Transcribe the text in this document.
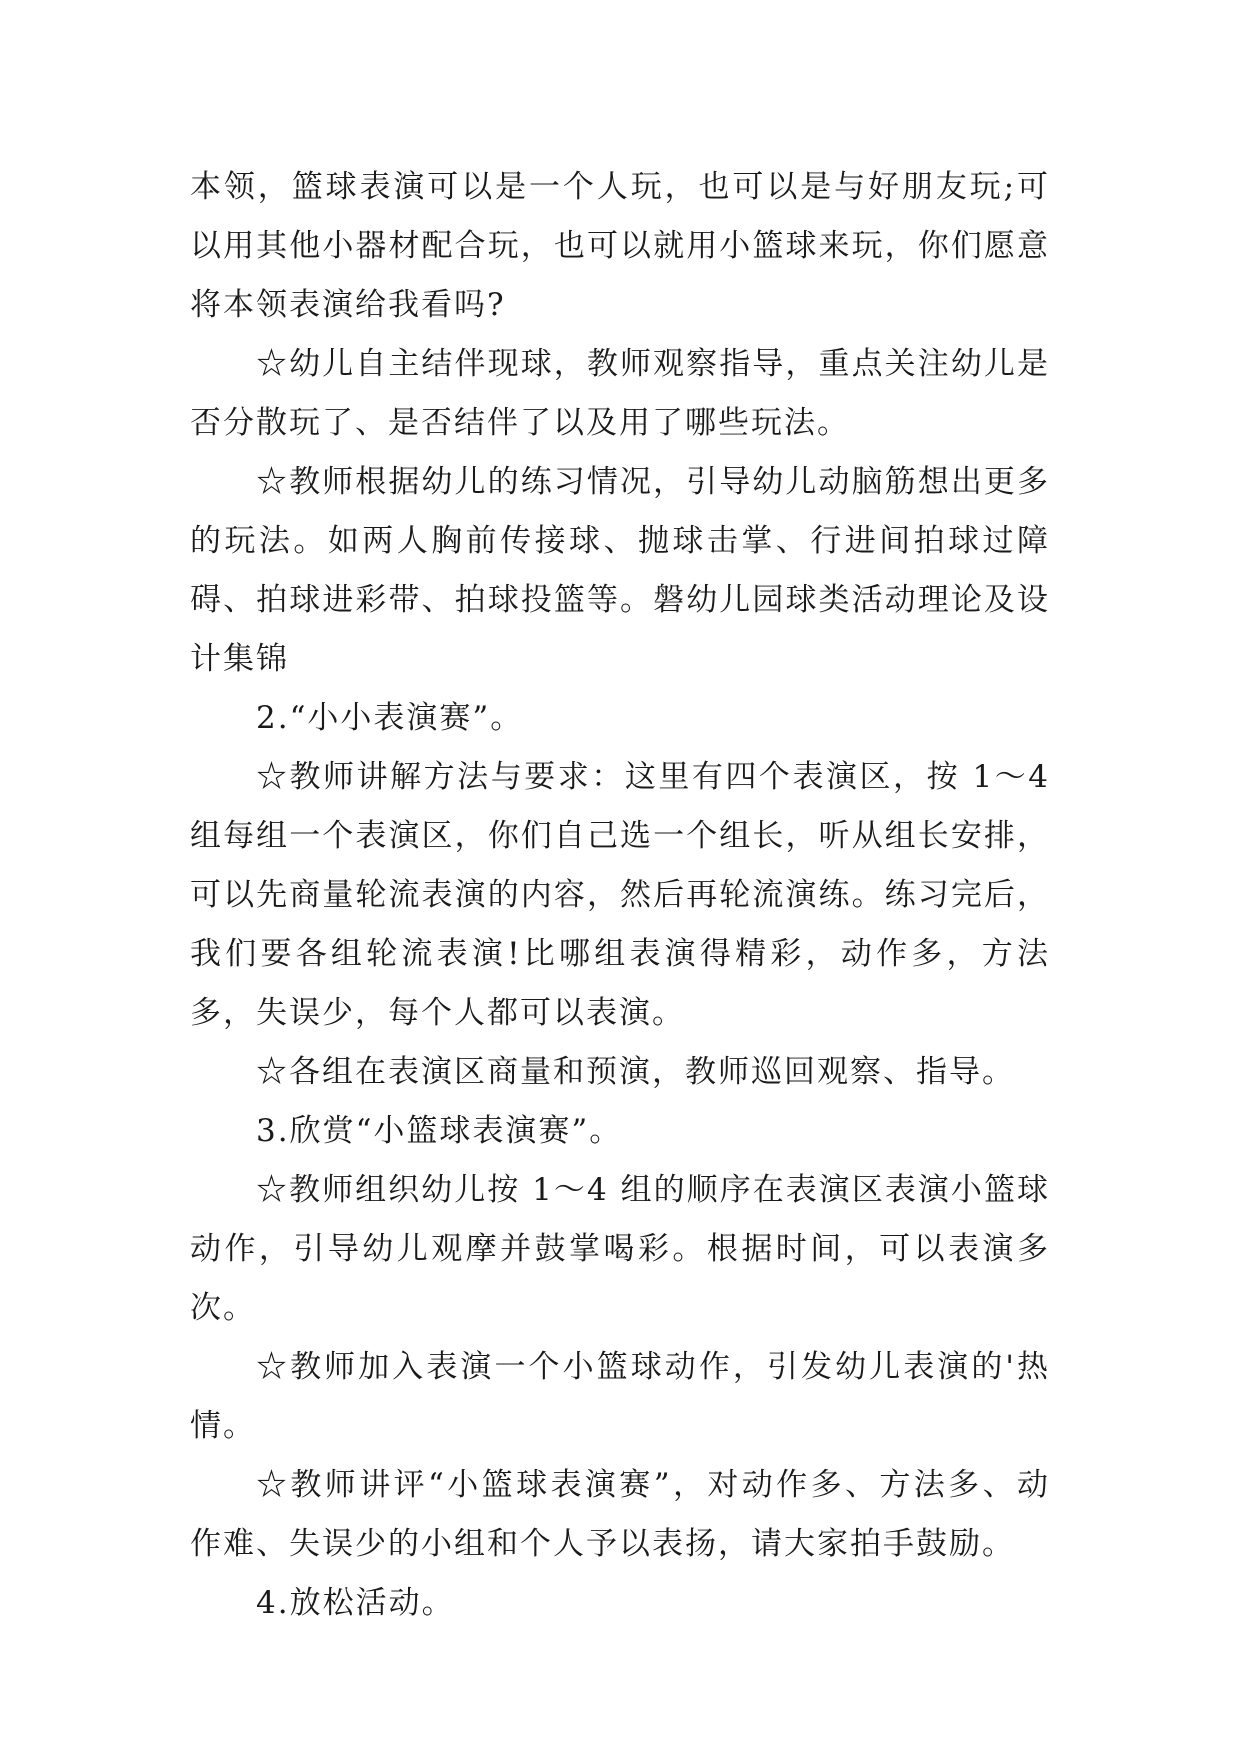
本领，篮球表演可以是一个人玩，也可以是与好朋友玩;可以用其他小器材配合玩，也可以就用小篮球来玩，你们愿意将本领表演给我看吗?

☆幼儿自主结伴现球，教师观察指导，重点关注幼儿是否分散玩了、是否结伴了以及用了哪些玩法。

☆教师根据幼儿的练习情况，引导幼儿动脑筋想出更多的玩法。如两人胸前传接球、抛球击掌、行进间拍球过障碍、拍球进彩带、拍球投篮等。磐幼儿园球类活动理论及设计集锦

2.“小小表演赛”。

☆教师讲解方法与要求：这里有四个表演区，按 1～4 组每组一个表演区，你们自己选一个组长，听从组长安排，可以先商量轮流表演的内容，然后再轮流演练。练习完后，我们要各组轮流表演!比哪组表演得精彩，动作多，方法多，失误少，每个人都可以表演。

☆各组在表演区商量和预演，教师巡回观察、指导。

3.欣赏“小篮球表演赛”。

☆教师组织幼儿按 1～4 组的顺序在表演区表演小篮球动作，引导幼儿观摩并鼓掌喝彩。根据时间，可以表演多次。

☆教师加入表演一个小篮球动作，引发幼儿表演的'热情。

☆教师讲评“小篮球表演赛”，对动作多、方法多、动作难、失误少的小组和个人予以表扬，请大家拍手鼓励。

4.放松活动。
